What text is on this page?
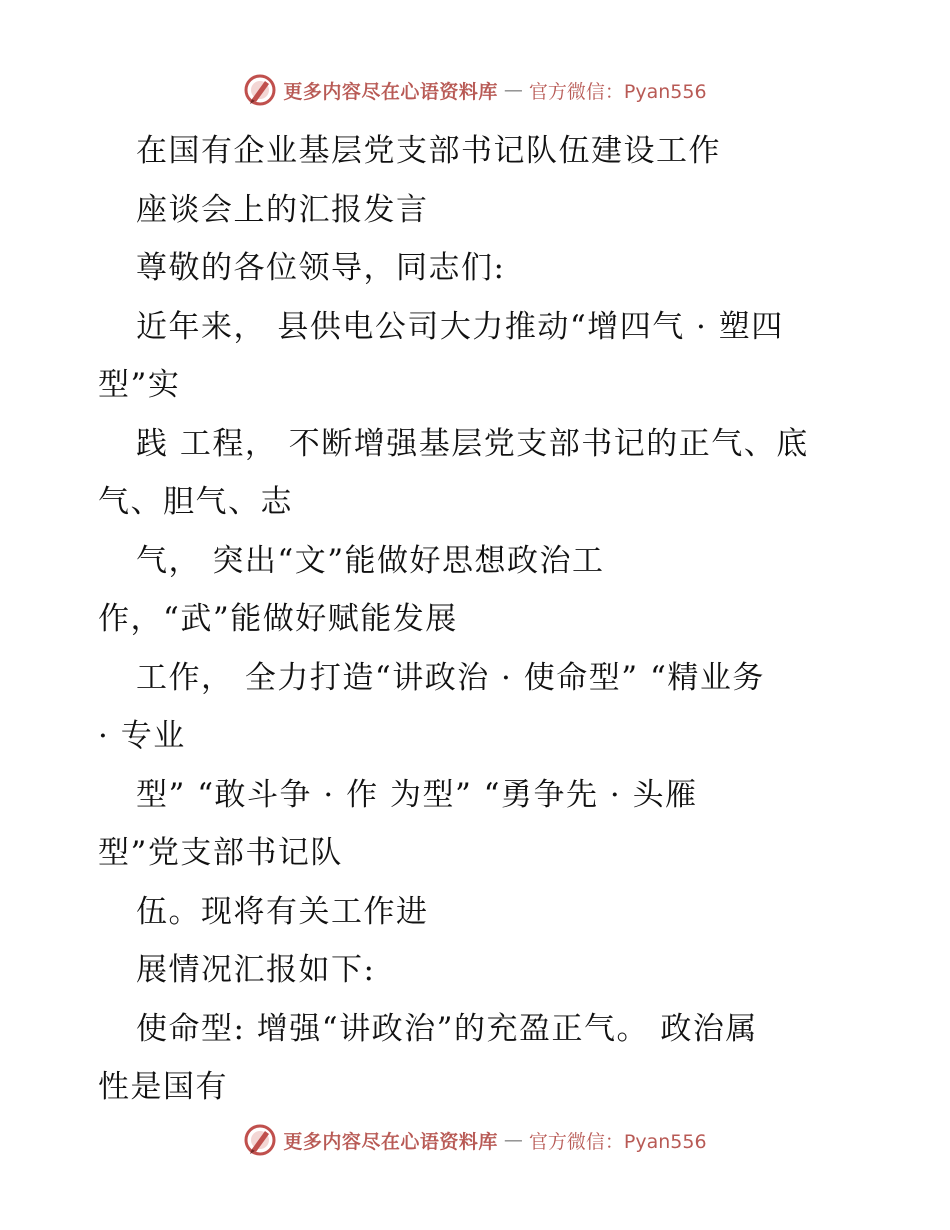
更多内容尽在心语资料库 — 官方微信：Pyan556
在国有企业基层党支部书记队伍建设工作
座谈会上的汇报发言
尊敬的各位领导，同志们:
近年来， 县供电公司大力推动“增四气 · 塑四
型”实
践 工程， 不断增强基层党支部书记的正气、底
气、胆气、志
气， 突出“文”能做好思想政治工
作，“武”能做好赋能发展
工作， 全力打造“讲政治 · 使命型” “精业务
· 专业
型” “敢斗争 · 作 为型” “勇争先 · 头雁
型”党支部书记队
伍。现将有关工作进
展情况汇报如下:
使命型: 增强“讲政治”的充盈正气。 政治属
性是国有
更多内容尽在心语资料库 — 官方微信：Pyan556
